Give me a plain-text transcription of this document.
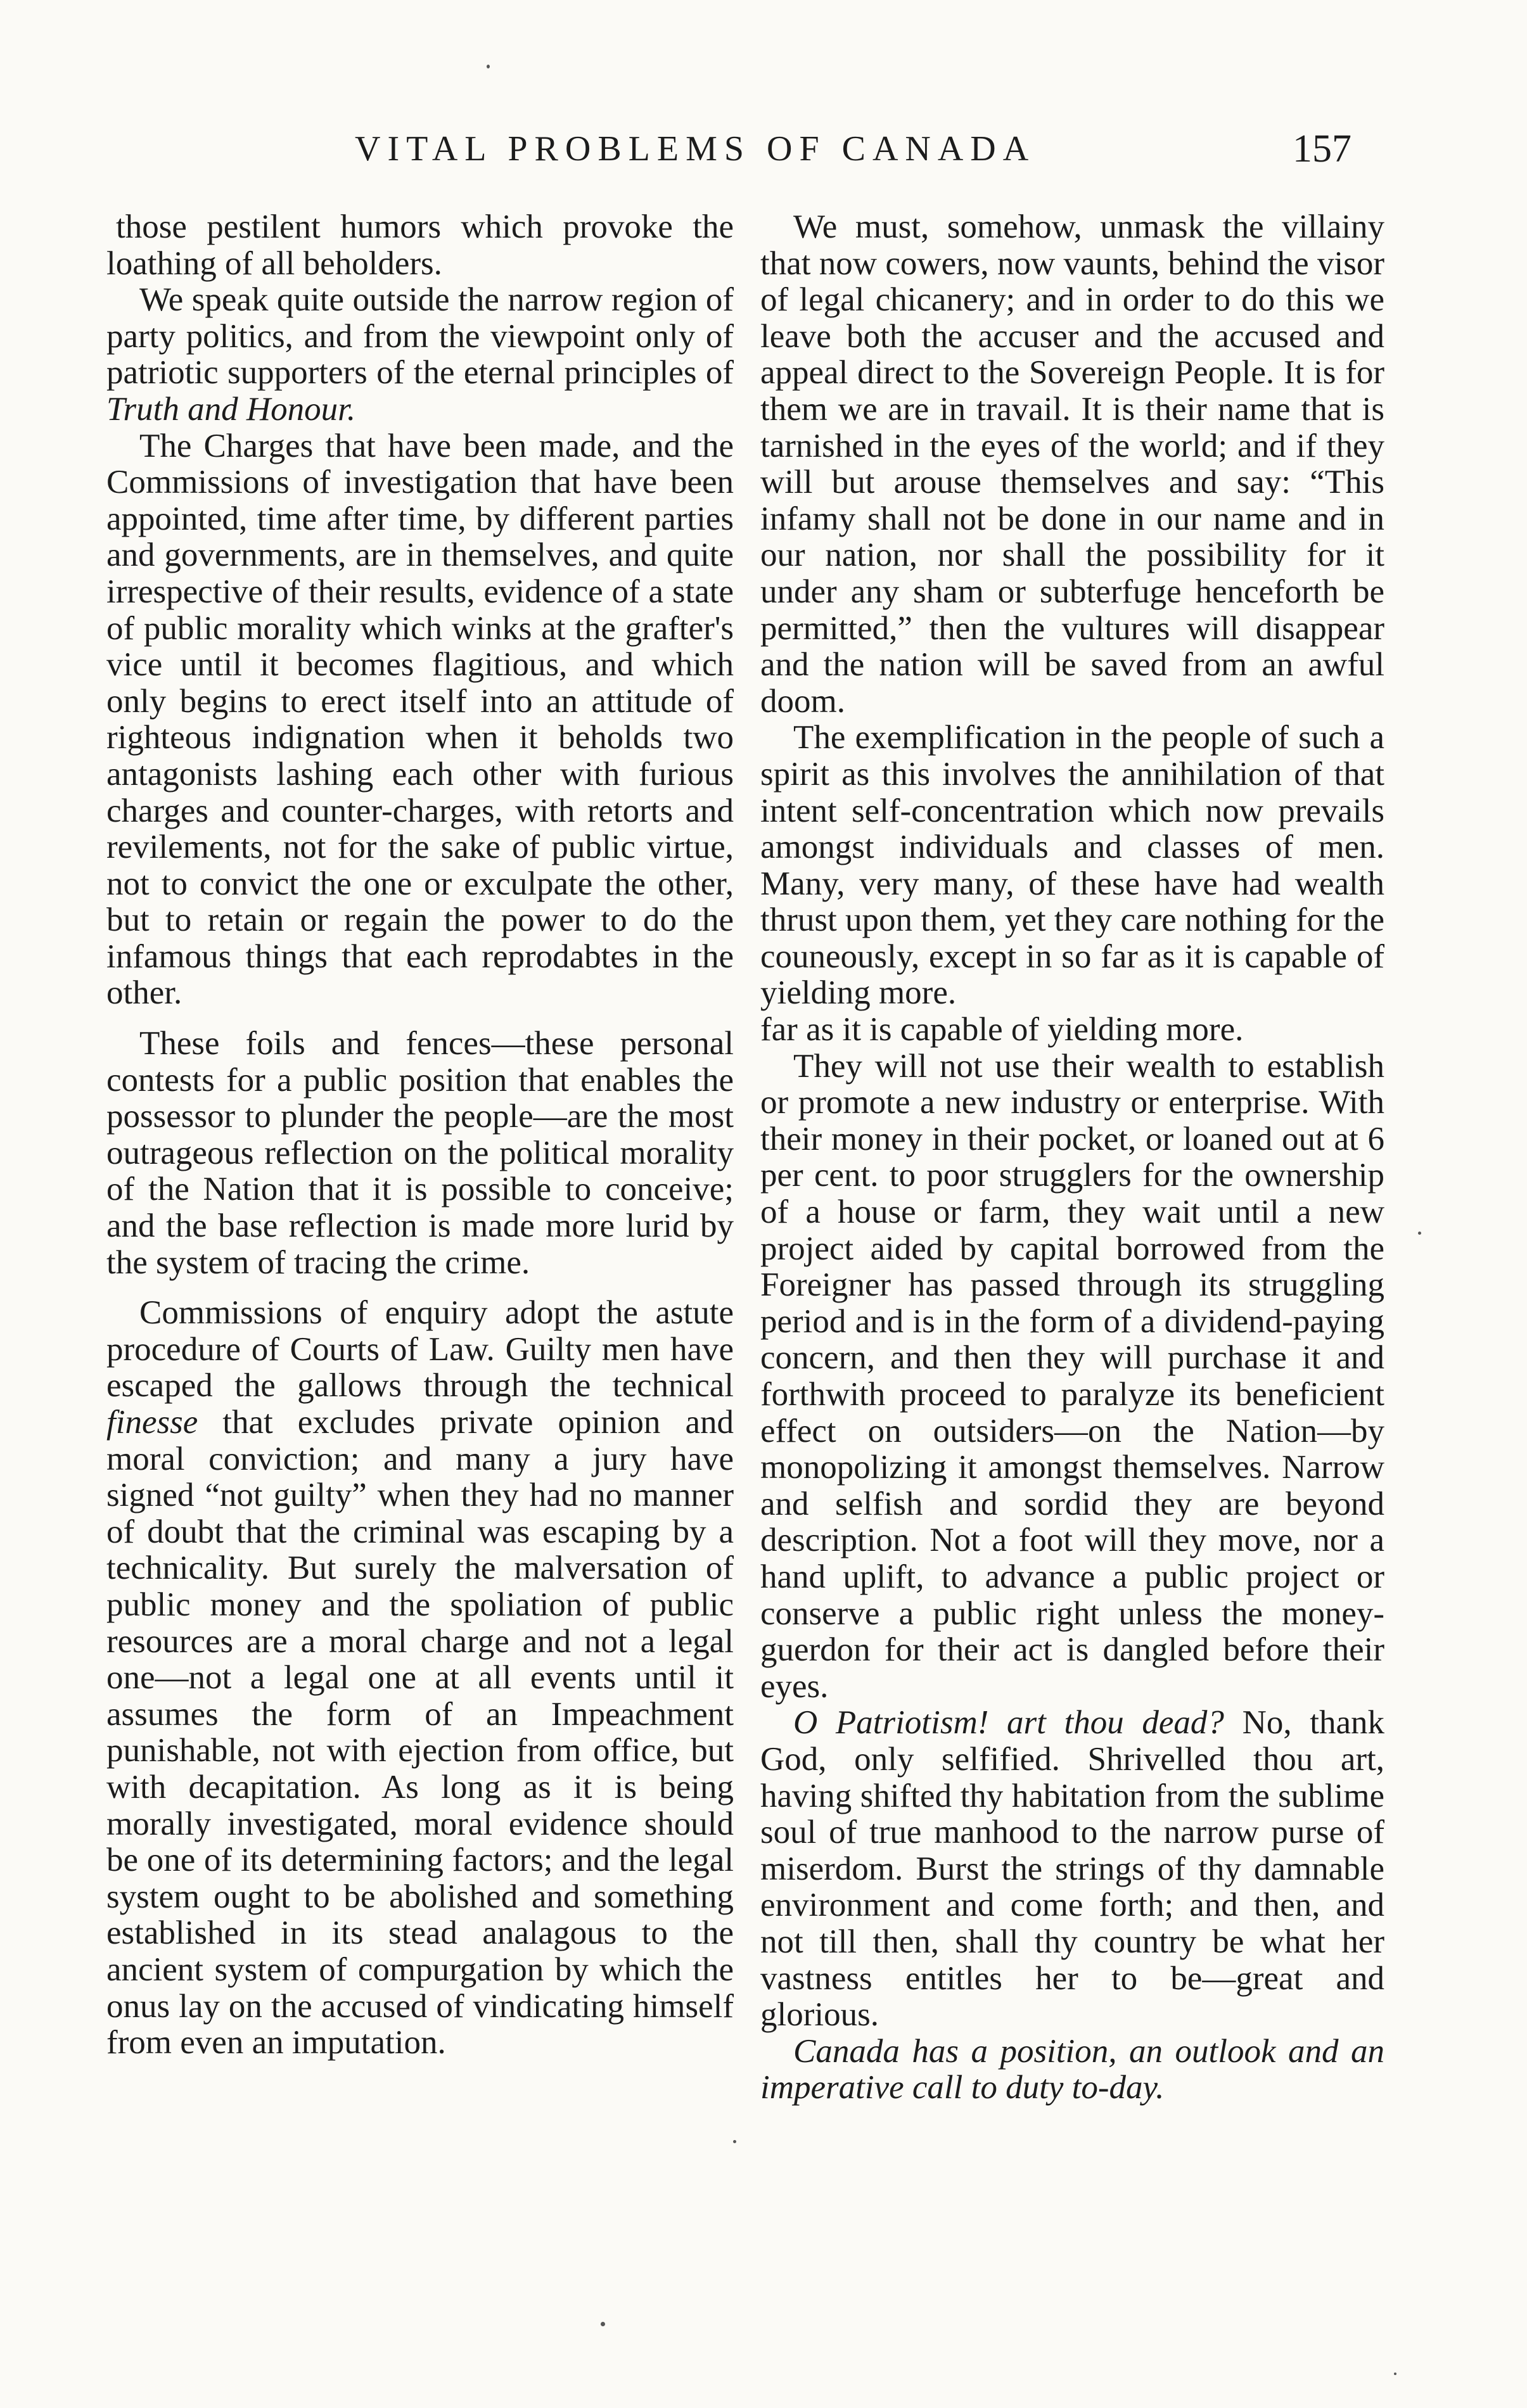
VITAL PROBLEMS OF CANADA	157

those pestilent humors which provoke the loathing of all beholders.

We speak quite outside the narrow region of party politics, and from the viewpoint only of patriotic supporters of the eternal principles of Truth and Honour.

The Charges that have been made, and the Commissions of investigation that have been appointed, time after time, by different parties and governments, are in themselves, and quite irrespective of their results, evidence of a state of public morality which winks at the grafter's vice until it becomes flagitious, and which only begins to erect itself into an attitude of righteous indignation when it beholds two antagonists lashing each other with furious charges and counter-charges, with retorts and revilements, not for the sake of public virtue, not to convict the one or exculpate the other, but to retain or regain the power to do the infamous things that each reprodabtes in the other.

These foils and fences—these personal contests for a public position that enables the possessor to plunder the people—are the most outrageous reflection on the political morality of the Nation that it is possible to conceive; and the base reflection is made more lurid by the system of tracing the crime.

Commissions of enquiry adopt the astute procedure of Courts of Law. Guilty men have escaped the gallows through the technical finesse that excludes private opinion and moral conviction; and many a jury have signed “not guilty” when they had no manner of doubt that the criminal was escaping by a technicality. But surely the malversation of public money and the spoliation of public resources are a moral charge and not a legal one—not a legal one at all events until it assumes the form of an Impeachment punishable, not with ejection from office, but with decapitation. As long as it is being morally investigated, moral evidence should be one of its determining factors; and the legal system ought to be abolished and something established in its stead analagous to the ancient system of compurgation by which the onus lay on the accused of vindicating himself from even an imputation.

We must, somehow, unmask the villainy that now cowers, now vaunts, behind the visor of legal chicanery; and in order to do this we leave both the accuser and the accused and appeal direct to the Sovereign People. It is for them we are in travail. It is their name that is tarnished in the eyes of the world; and if they will but arouse themselves and say: “This infamy shall not be done in our name and in our nation, nor shall the possibility for it under any sham or subterfuge henceforth be permitted,” then the vultures will disappear and the nation will be saved from an awful doom.

The exemplification in the people of such a spirit as this involves the annihilation of that intent self-concentration which now prevails amongst individuals and classes of men. Many, very many, of these have had wealth thrust upon them, yet they care nothing for the couneously, except in so far as it is capable of yielding more.

far as it is capable of yielding more.

They will not use their wealth to establish or promote a new industry or enterprise. With their money in their pocket, or loaned out at 6 per cent. to poor strugglers for the ownership of a house or farm, they wait until a new project aided by capital borrowed from the Foreigner has passed through its struggling period and is in the form of a dividend-paying concern, and then they will purchase it and forthwith proceed to paralyze its beneficient effect on outsiders—on the Nation—by monopolizing it amongst themselves. Narrow and selfish and sordid they are beyond description. Not a foot will they move, nor a hand uplift, to advance a public project or conserve a public right unless the money-guerdon for their act is dangled before their eyes.

O Patriotism! art thou dead? No, thank God, only selfified. Shrivelled thou art, having shifted thy habitation from the sublime soul of true manhood to the narrow purse of miserdom. Burst the strings of thy damnable environment and come forth; and then, and not till then, shall thy country be what her vastness entitles her to be—great and glorious.

Canada has a position, an outlook and an imperative call to duty to-day.
